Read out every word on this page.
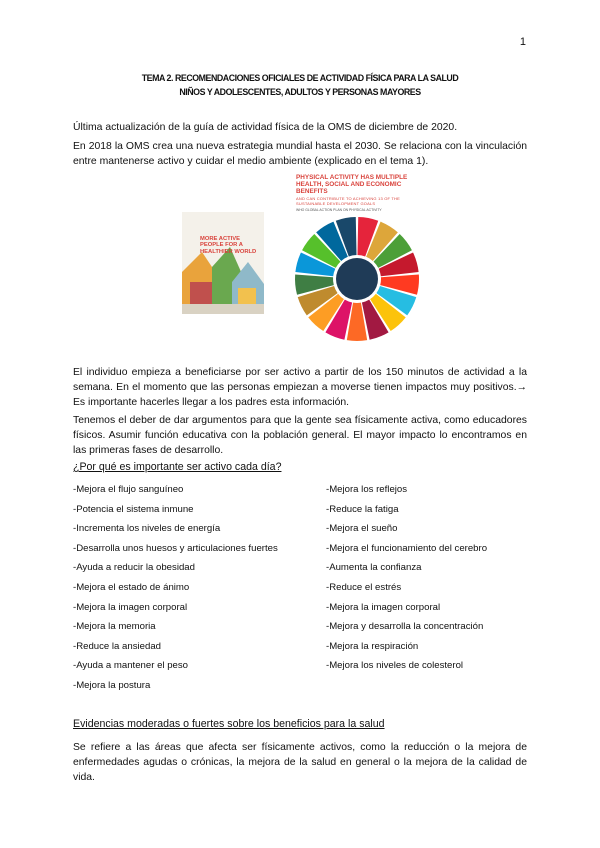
1
TEMA 2. RECOMENDACIONES OFICIALES DE ACTIVIDAD FÍSICA PARA LA SALUD
NIÑOS Y ADOLESCENTES, ADULTOS Y PERSONAS MAYORES
Última actualización de la guía de actividad física de la OMS de diciembre de 2020.
En 2018 la OMS crea una nueva estrategia mundial hasta el 2030. Se relaciona con la vinculación entre mantenerse activo y cuidar el medio ambiente (explicado en el tema 1).
MORE ACTIVE PEOPLE FOR A HEALTHIER WORLD
PHYSICAL ACTIVITY HAS MULTIPLE HEALTH, SOCIAL AND ECONOMIC BENEFITS
AND CAN CONTRIBUTE TO ACHIEVING 13 OF THE SUSTAINABLE DEVELOPMENT GOALS
WHO GLOBAL ACTION PLAN ON PHYSICAL ACTIVITY
El individuo empieza a beneficiarse por ser activo a partir de los 150 minutos de actividad a la semana. En el momento que las personas empiezan a moverse tienen impactos muy positivos.→ Es importante hacerles llegar a los padres esta información.
Tenemos el deber de dar argumentos para que la gente sea físicamente activa, como educadores físicos. Asumir función educativa con la población general. El mayor impacto lo encontramos en las primeras fases de desarrollo.
¿Por qué es importante ser activo cada día?
-Mejora el flujo sanguíneo
-Potencia el sistema inmune
-Incrementa los niveles de energía
-Desarrolla unos huesos y articulaciones fuertes
-Ayuda a reducir la obesidad
-Mejora el estado de ánimo
-Mejora la imagen corporal
-Mejora la memoria
-Reduce la ansiedad
-Ayuda a mantener el peso
-Mejora la postura
-Mejora los reflejos
-Reduce la fatiga
-Mejora el sueño
-Mejora el funcionamiento del cerebro
-Aumenta la confianza
-Reduce el estrés
-Mejora la imagen corporal
-Mejora y desarrolla la concentración
-Mejora la respiración
-Mejora los niveles de colesterol
Evidencias moderadas o fuertes sobre los beneficios para la salud
Se refiere a las áreas que afecta ser físicamente activos, como la reducción o la mejora de enfermedades agudas o crónicas, la mejora de la salud en general o la mejora de la calidad de vida.
